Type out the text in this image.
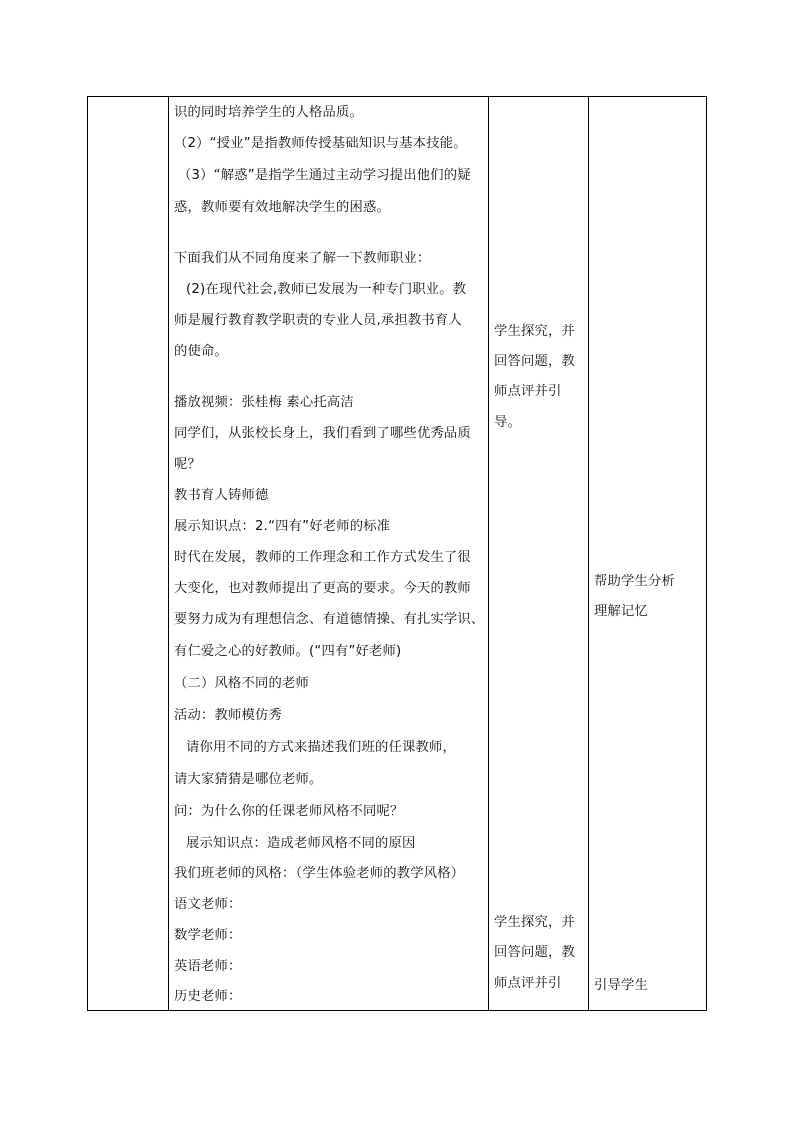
识的同时培养学生的人格品质。
（2）“授业”是指教师传授基础知识与基本技能。
（3）“解惑”是指学生通过主动学习提出他们的疑
惑，教师要有效地解决学生的困惑。
下面我们从不同角度来了解一下教师职业：
(2)在现代社会,教师已发展为一种专门职业。教
师是履行教育教学职责的专业人员,承担教书育人
的使命。
播放视频：张桂梅 素心托高洁
同学们，从张校长身上，我们看到了哪些优秀品质
呢？
教书育人铸师德
展示知识点：2.“四有”好老师的标准
时代在发展，教师的工作理念和工作方式发生了很
大变化，也对教师提出了更高的要求。今天的教师
要努力成为有理想信念、有道德情操、有扎实学识、
有仁爱之心的好教师。(“四有”好老师)
（二）风格不同的老师
活动：教师模仿秀
请你用不同的方式来描述我们班的任课教师，
请大家猜猜是哪位老师。
问：为什么你的任课老师风格不同呢？
展示知识点：造成老师风格不同的原因
我们班老师的风格：（学生体验老师的教学风格）
语文老师：
数学老师：
英语老师：
历史老师：
学生探究，并
回答问题，教
师点评并引
导。
学生探究，并
回答问题，教
师点评并引
帮助学生分析
理解记忆
引导学生
